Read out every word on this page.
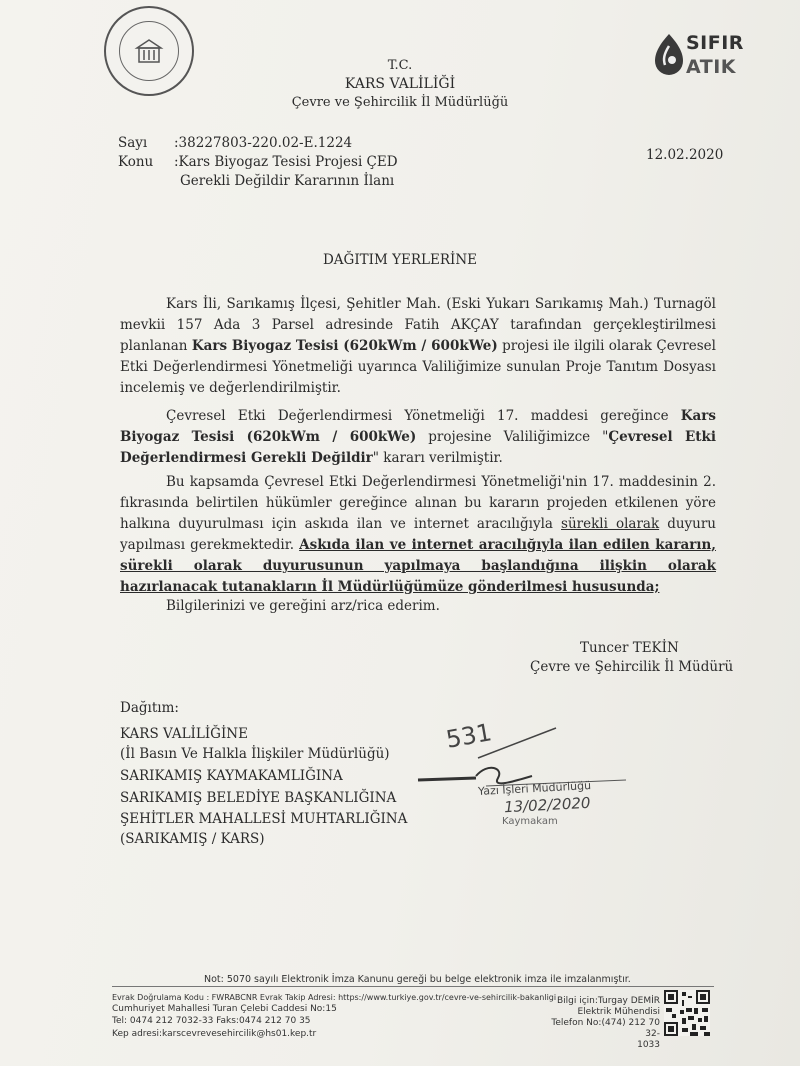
SIFIR
ATIK
T.C.
KARS VALİLİĞİ
Çevre ve Şehircilik İl Müdürlüğü
Sayı :38227803-220.02-E.1224
Konu :Kars Biyogaz Tesisi Projesi ÇED
Gerekli Değildir Kararının İlanı
12.02.2020
DAĞITIM YERLERİNE
Kars İli, Sarıkamış İlçesi, Şehitler Mah. (Eski Yukarı Sarıkamış Mah.) Turnagöl mevkii 157 Ada 3 Parsel adresinde Fatih AKÇAY tarafından gerçekleştirilmesi planlanan Kars Biyogaz Tesisi (620kWm / 600kWe) projesi ile ilgili olarak Çevresel Etki Değerlendirmesi Yönetmeliği uyarınca Valiliğimize sunulan Proje Tanıtım Dosyası incelemiş ve değerlendirilmiştir.
Çevresel Etki Değerlendirmesi Yönetmeliği 17. maddesi gereğince Kars Biyogaz Tesisi (620kWm / 600kWe) projesine Valiliğimizce "Çevresel Etki Değerlendirmesi Gerekli Değildir" kararı verilmiştir.
Bu kapsamda Çevresel Etki Değerlendirmesi Yönetmeliği'nin 17. maddesinin 2. fıkrasında belirtilen hükümler gereğince alınan bu kararın projeden etkilenen yöre halkına duyurulması için askıda ilan ve internet aracılığıyla sürekli olarak duyuru yapılması gerekmektedir. Askıda ilan ve internet aracılığıyla ilan edilen kararın, sürekli olarak duyurusunun yapılmaya başlandığına ilişkin olarak hazırlanacak tutanakların İl Müdürlüğümüze gönderilmesi hususunda;
Bilgilerinizi ve gereğini arz/rica ederim.
Tuncer TEKİN
Çevre ve Şehircilik İl Müdürü
Dağıtım:
KARS VALİLİĞİNE
(İl Basın Ve Halkla İlişkiler Müdürlüğü)
SARIKAMIŞ KAYMAKAMLIĞINA
SARIKAMIŞ BELEDİYE BAŞKANLIĞINA
ŞEHİTLER MAHALLESİ MUHTARLIĞINA
(SARIKAMIŞ / KARS)
531
Yazı İşleri Müdürlüğü
13/02/2020
Kaymakam
Not: 5070 sayılı Elektronik İmza Kanunu gereği bu belge elektronik imza ile imzalanmıştır.
Evrak Doğrulama Kodu : FWRABCNR Evrak Takip Adresi: https://www.turkiye.gov.tr/cevre-ve-sehircilik-bakanligi
Cumhuriyet Mahallesi Turan Çelebi Caddesi No:15
Tel: 0474 212 7032-33 Faks:0474 212 70 35
Kep adresi:karscevrevesehircilik@hs01.kep.tr
Bilgi için:Turgay DEMİR
Elektrik Mühendisi
Telefon No:(474) 212 70 32-
1033
